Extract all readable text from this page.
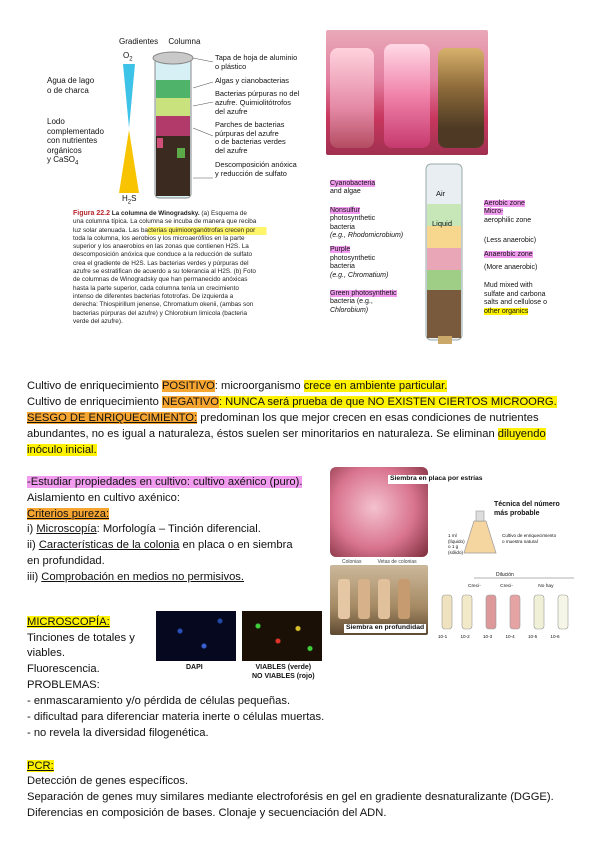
Gradientes Columna
$O_2$
$H_2S$
Agua de lago
o de charca
Lodo
complementado
con nutrientes
orgánicos
y CaSO$_4$
Tapa de hoja de aluminio
o plástico
Algas y cianobacterias
Bacterias púrpuras no del
azufre. Quimiolitótrofos
del azufre
Parches de bacterias
púrpuras del azufre
o de bacterias verdes
del azufre
Descomposición anóxica
y reducción de sulfato
Figura 22.2 La columna de Winogradsky. (a) Esquema de
una columna típica. La columna se incuba de manera que reciba
luz solar atenuada. Las bacterias quimioorganótrofas crecen por
toda la columna, los aerobios y los microaerófilos en la parte
superior y los anaerobios en las zonas que contienen H2S. La
descomposición anóxica que conduce a la reducción de sulfato
crea el gradiente de H2S. Las bacterias verdes y púrpuras del
azufre se estratifican de acuerdo a su tolerancia al H2S. (b) Foto
de columnas de Winogradsky que han permanecido anóxicas
hasta la parte superior, cada columna tenía un crecimiento
intenso de diferentes bacterias fototrofas. De izquierda a
derecha: Thiospirillum jenense, Chromatium okenii, (ambas son
bacterias púrpuras del azufre) y Chlorobium limicola (bacteria
verde del azufre).
Air
Liquid
Cyanobacteria
and algae
Nonsulfur
photosynthetic
bacteria
(e.g., Rhodomicrobium)
Purple
photosynthetic
bacteria
(e.g., Chromatium)
Green photosynthetic
bacteria (e.g.,
Chlorobium)
Aerobic zone
Micro-
aerophilic zone
(Less anaerobic)
Anaerobic zone
(More anaerobic)
Mud mixed with
sulfate and carbona
salts and cellulose o
other organics
Cultivo de enriquecimiento POSITIVO: microorganismo crece en ambiente particular.
Cultivo de enriquecimiento NEGATIVO: NUNCA será prueba de que NO EXISTEN CIERTOS MICROORG.
SESGO DE ENRIQUECIMIENTO: predominan los que mejor crecen en esas condiciones de nutrientes
abundantes, no es igual a naturaleza, éstos suelen ser minoritarios en naturaleza. Se eliminan diluyendo
inóculo inicial.
-Estudiar propiedades en cultivo: cultivo axénico (puro).
Aislamiento en cultivo axénico:
Criterios pureza:
i) Microscopía: Morfología – Tinción diferencial.
ii) Características de la colonia en placa o en siembra
en profundidad.
iii) Comprobación en medios no permisivos.
Siembra en placa por estrías
Colonias	Vetas de colonias
Siembra en profundidad
Técnica del número
más probable
1 ml
(líquido)
o 1 g
(sólido)
Cultivo de enriquecimiento
o muestra natural
Dilución
Creci-	Creci-	No hay
10-1	10-2	10-3	10-4	10-5	10-6
MICROSCOPÍA:
Tinciones de totales y
viables.
Fluorescencia.
PROBLEMAS:
- enmascaramiento y/o pérdida de células pequeñas.
- dificultad para diferenciar materia inerte o células muertas.
- no revela la diversidad filogenética.
DAPI	VIABLES (verde)
NO VIABLES (rojo)
PCR:
Detección de genes específicos.
Separación de genes muy similares mediante electroforésis en gel en gradiente desnaturalizante (DGGE).
Diferencias en composición de bases. Clonaje y secuenciación del ADN.
